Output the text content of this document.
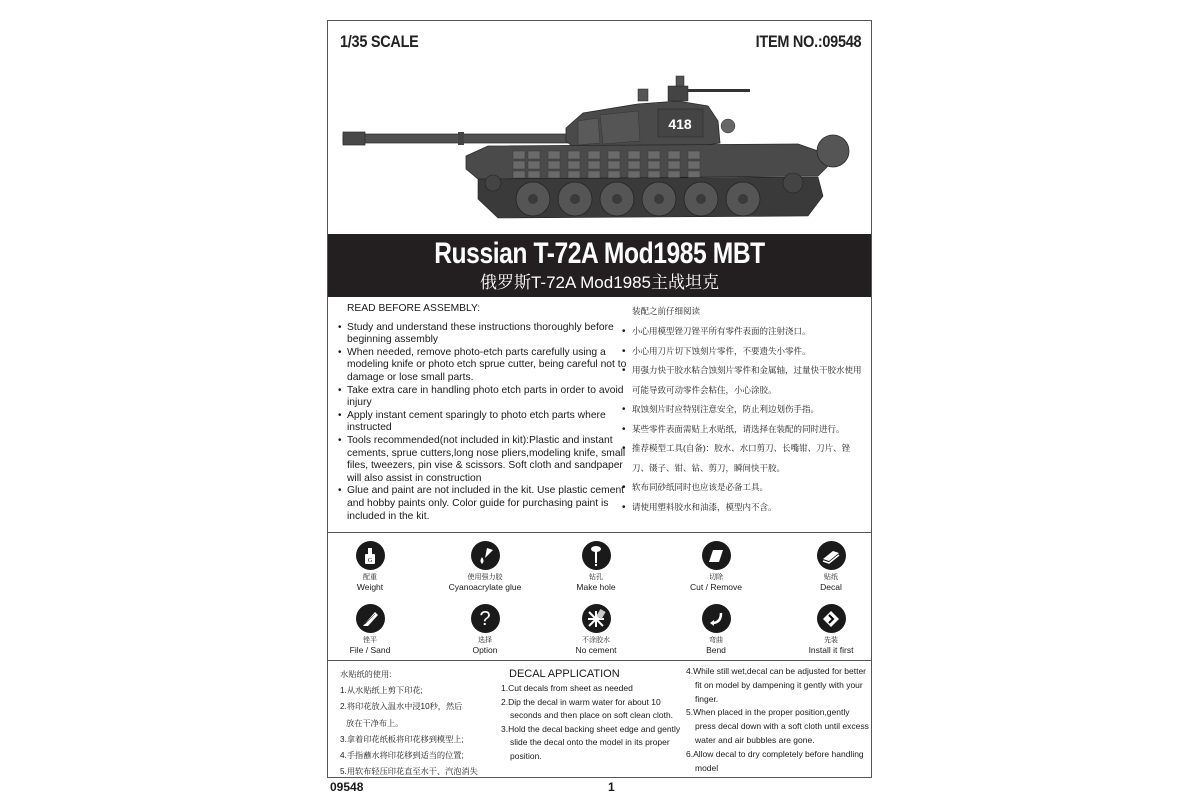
1/35 SCALE	ITEM NO.:09548
418
Russian T-72A Mod1985 MBT
俄罗斯T-72A Mod1985主战坦克
READ BEFORE ASSEMBLY:
• Study and understand these instructions thoroughly before beginning assembly
• When needed, remove photo-etch parts carefully using a modeling knife or photo etch sprue cutter, being careful not to damage or lose small parts.
• Take extra care in handling photo etch parts in order to avoid injury
• Apply instant cement sparingly to photo etch parts where instructed
• Tools recommended(not included in kit):Plastic and instant cements, sprue cutters,long nose pliers,modeling knife, small files, tweezers, pin vise & scissors. Soft cloth and sandpaper will also assist in construction
• Glue and paint are not included in the kit. Use plastic cement and hobby paints only. Color guide for purchasing paint is included in the kit.
装配之前仔细阅读
• 小心用模型锉刀锉平所有零件表面的注射浇口。
• 小心用刀片切下蚀刻片零件，不要遗失小零件。
• 用强力快干胶水粘合蚀刻片零件和金属轴，过量快干胶水使用可能导致可动零件会粘住，小心涂胶。
• 取蚀刻片时应特别注意安全，防止利边划伤手指。
• 某些零件表面需贴上水贴纸，请选择在装配的同时进行。
• 推荐模型工具(自备)：胶水、水口剪刀、长嘴钳、刀片、锉刀、镊子、钳、钻、剪刀，瞬间快干胶。
• 软布同砂纸同时也应该是必备工具。
• 请使用塑料胶水和油漆，模型内不含。
G
配重
Weight
使用强力胶
Cyanoacrylate glue
钻孔
Make hole
切除
Cut / Remove
贴纸
Decal
锉平
File / Sand
?
选择
Option
不涂胶水
No cement
弯曲
Bend
先装
Install it first
水贴纸的使用:
1.从水贴纸上剪下印花;
2.将印花放入温水中浸10秒，然后
放在干净布上。
3.拿着印花纸板将印花移到模型上;
4.手指蘸水将印花移到适当的位置;
5.用软布轻压印花直至水干、汽泡消失
DECAL APPLICATION
1.Cut decals from sheet as needed
2.Dip the decal in warm water for about 10 seconds and then place on soft clean cloth.
3.Hold the decal backing sheet edge and gently slide the decal onto the model in its proper position.
4.While still wet,decal can be adjusted for better fit on model by dampening it gently with your finger.
5.When placed in the proper position,gently press decal down with a soft cloth until excess water and air bubbles are gone.
6.Allow decal to dry completely before handling model
09548	1
